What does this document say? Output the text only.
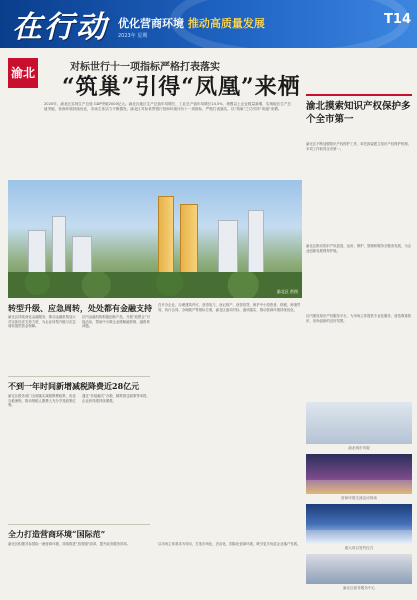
在行动 优化营商环境 推动高质量发展
2023年 星期
T14
渝北	对标世行十一项指标严格打表落实
“筑巢”引得“凤凰”来栖
2020年，渝北区实现生产总值 GDP突破2000亿元。渝北区地区生产总值年均增长，工业总产值年均增长14.5%，规模以上企业数量新增，实现地区生产总值突破，营商环境持续优化，市场主体活力不断激发。渝北区对标世界银行营商环境评价十一项指标，严格打表落实，以“筑巢”之功引得“凤凰”来栖。
渝北区 供图
转型升级、应急周转，处处都有金融支持
渝北区持续深化金融服务，推动金融机构加大对实体经济支持力度，为企业转型升级与应急周转提供资金保障。
区内金融机构积极创新产品，开展“政银企”对接活动，帮助中小微企业缓解融资难、融资贵问题。
在开办企业、办理建筑许可、获得电力、登记财产、获得信贷、保护中小投资者、纳税、跨境贸易、执行合同、办理破产等指标方面，渝北区逐项对标、逐项落实，推动营商环境持续优化。
不到一年时间新增减税降费近28亿元
渝北区税务部门全面落实减税降费政策，优化办税流程，推动纳税人缴费人充分享受政策红利。
通过“非接触式”办税、精准推送政策等举措，企业获得感持续增强。
全力打造营商环境“国际范”
渝北区积极对标国际一流营商环境，持续推进“放管服”改革，提升政务服务效率。	以市场主体需求为导向，打造市场化、法治化、国际化营商环境，吸引更多优质企业落户发展。
渝北摸索知识产权保护多个全市第一
渝北区不断加强知识产权保护工作，率先探索建立知识产权保护机制，多项工作取得全市第一。
渝北区推动知识产权创造、运用、保护、管理和服务全链条发展，为企业创新发展保驾护航。
区内建设知识产权服务平台，为市场主体提供专业化服务，营造尊重知识、崇尚创新的良好氛围。
渝北城市风貌
营商环境交流活动现场
重大项目签约仪式
渝北区政务服务中心
